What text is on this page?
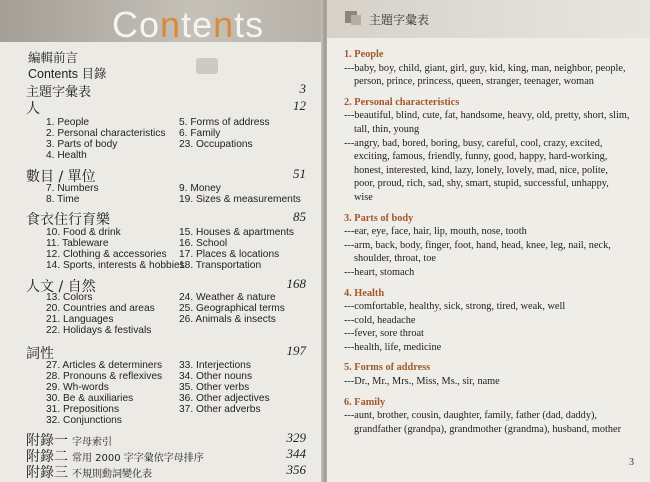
Contents
編輯前言
Contents 目錄
主題字彙表	3
人	12
1. People
2. Personal characteristics
3. Parts of body
4. Health
5. Forms of address
6. Family
23. Occupations
數目 / 單位	51
7. Numbers
8. Time
9. Money
19. Sizes & measurements
食衣住行育樂	85
10. Food & drink
11. Tableware
12. Clothing & accessories
14. Sports, interests & hobbies
15. Houses & apartments
16. School
17. Places & locations
18. Transportation
人文 / 自然	168
13. Colors
20. Countries and areas
21. Languages
22. Holidays & festivals
24. Weather & nature
25. Geographical terms
26. Animals & insects
詞性	197
27. Articles & determiners
28. Pronouns & reflexives
29. Wh-words
30. Be & auxiliaries
31. Prepositions
32. Conjunctions
33. Interjections
34. Other nouns
35. Other verbs
36. Other adjectives
37. Other adverbs
附錄一 字母索引	329
附錄二 常用 2000 字字彙依字母排序	344
附錄三 不規則動詞變化表	356
主題字彙表
1. People
---baby, boy, child, giant, girl, guy, kid, king, man, neighbor, people,
person, prince, princess, queen, stranger, teenager, woman
2. Personal characteristics
---beautiful, blind, cute, fat, handsome, heavy, old, pretty, short, slim,
tall, thin, young
---angry, bad, bored, boring, busy, careful, cool, crazy, excited,
exciting, famous, friendly, funny, good, happy, hard-working,
honest, interested, kind, lazy, lonely, lovely, mad, nice, polite,
poor, proud, rich, sad, shy, smart, stupid, successful, unhappy,
wise
3. Parts of body
---ear, eye, face, hair, lip, mouth, nose, tooth
---arm, back, body, finger, foot, hand, head, knee, leg, nail, neck,
shoulder, throat, toe
---heart, stomach
4. Health
---comfortable, healthy, sick, strong, tired, weak, well
---cold, headache
---fever, sore throat
---health, life, medicine
5. Forms of address
---Dr., Mr., Mrs., Miss, Ms., sir, name
6. Family
---aunt, brother, cousin, daughter, family, father (dad, daddy),
grandfather (grandpa), grandmother (grandma), husband, mother
3
